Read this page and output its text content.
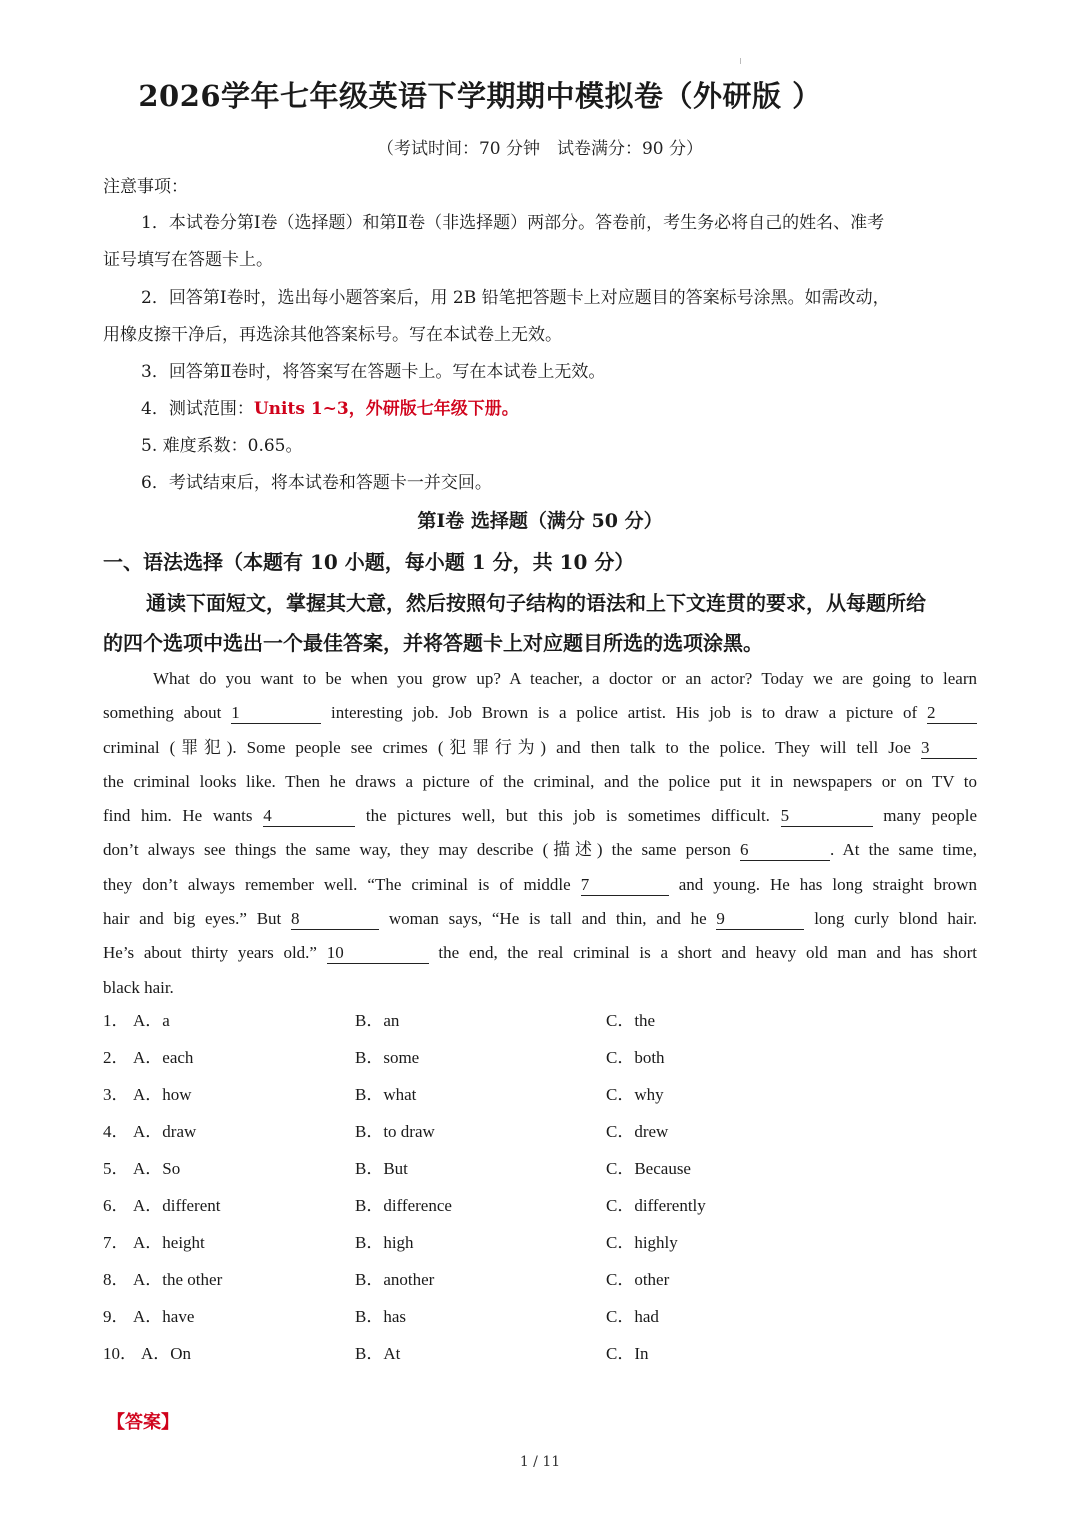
2026学年七年级英语下学期期中模拟卷（外研版 ）
（考试时间：70 分钟　试卷满分：90 分）
注意事项：
1．本试卷分第Ⅰ卷（选择题）和第Ⅱ卷（非选择题）两部分。答卷前，考生务必将自己的姓名、准考
证号填写在答题卡上。
2．回答第Ⅰ卷时，选出每小题答案后，用 2B 铅笔把答题卡上对应题目的答案标号涂黑。如需改动，
用橡皮擦干净后，再选涂其他答案标号。写在本试卷上无效。
3．回答第Ⅱ卷时，将答案写在答题卡上。写在本试卷上无效。
4．测试范围：Units 1~3，外研版七年级下册。
5. 难度系数：0.65。
6．考试结束后，将本试卷和答题卡一并交回。
第Ⅰ卷 选择题（满分 50 分）
一、语法选择（本题有 10 小题，每小题 1 分，共 10 分）
通读下面短文，掌握其大意，然后按照句子结构的语法和上下文连贯的要求，从每题所给
的四个选项中选出一个最佳答案，并将答题卡上对应题目所选的选项涂黑。
What do you want to be when you grow up? A teacher, a doctor or an actor? Today we are going to learn
something about 1	interesting job. Job Brown is a police artist. His job is to draw a picture of 2
criminal (罪犯). Some people see crimes (犯罪行为) and then talk to the police. They will tell Joe 3
the criminal looks like. Then he draws a picture of the criminal, and the police put it in newspapers or on TV to
find him. He wants 4	the pictures well, but this job is sometimes difficult. 5	many people
don’t always see things the same way, they may describe (描述) the same person 6	. At the same time,
they don’t always remember well. “The criminal is of middle 7	and young. He has long straight brown
hair and big eyes.” But 8	woman says, “He is tall and thin, and he 9	long curly blond hair.
He’s about thirty years old.” 10	the end, the real criminal is a short and heavy old man and has short
black hair.
1． A．a	B．an	C．the
2． A．each	B．some	C．both
3． A．how	B．what	C．why
4． A．draw	B．to draw	C．drew
5． A．So	B．But	C．Because
6． A．different	B．difference	C．differently
7． A．height	B．high	C．highly
8． A．the other	B．another	C．other
9． A．have	B．has	C．had
10． A．On	B．At	C．In
【答案】
1 / 11
